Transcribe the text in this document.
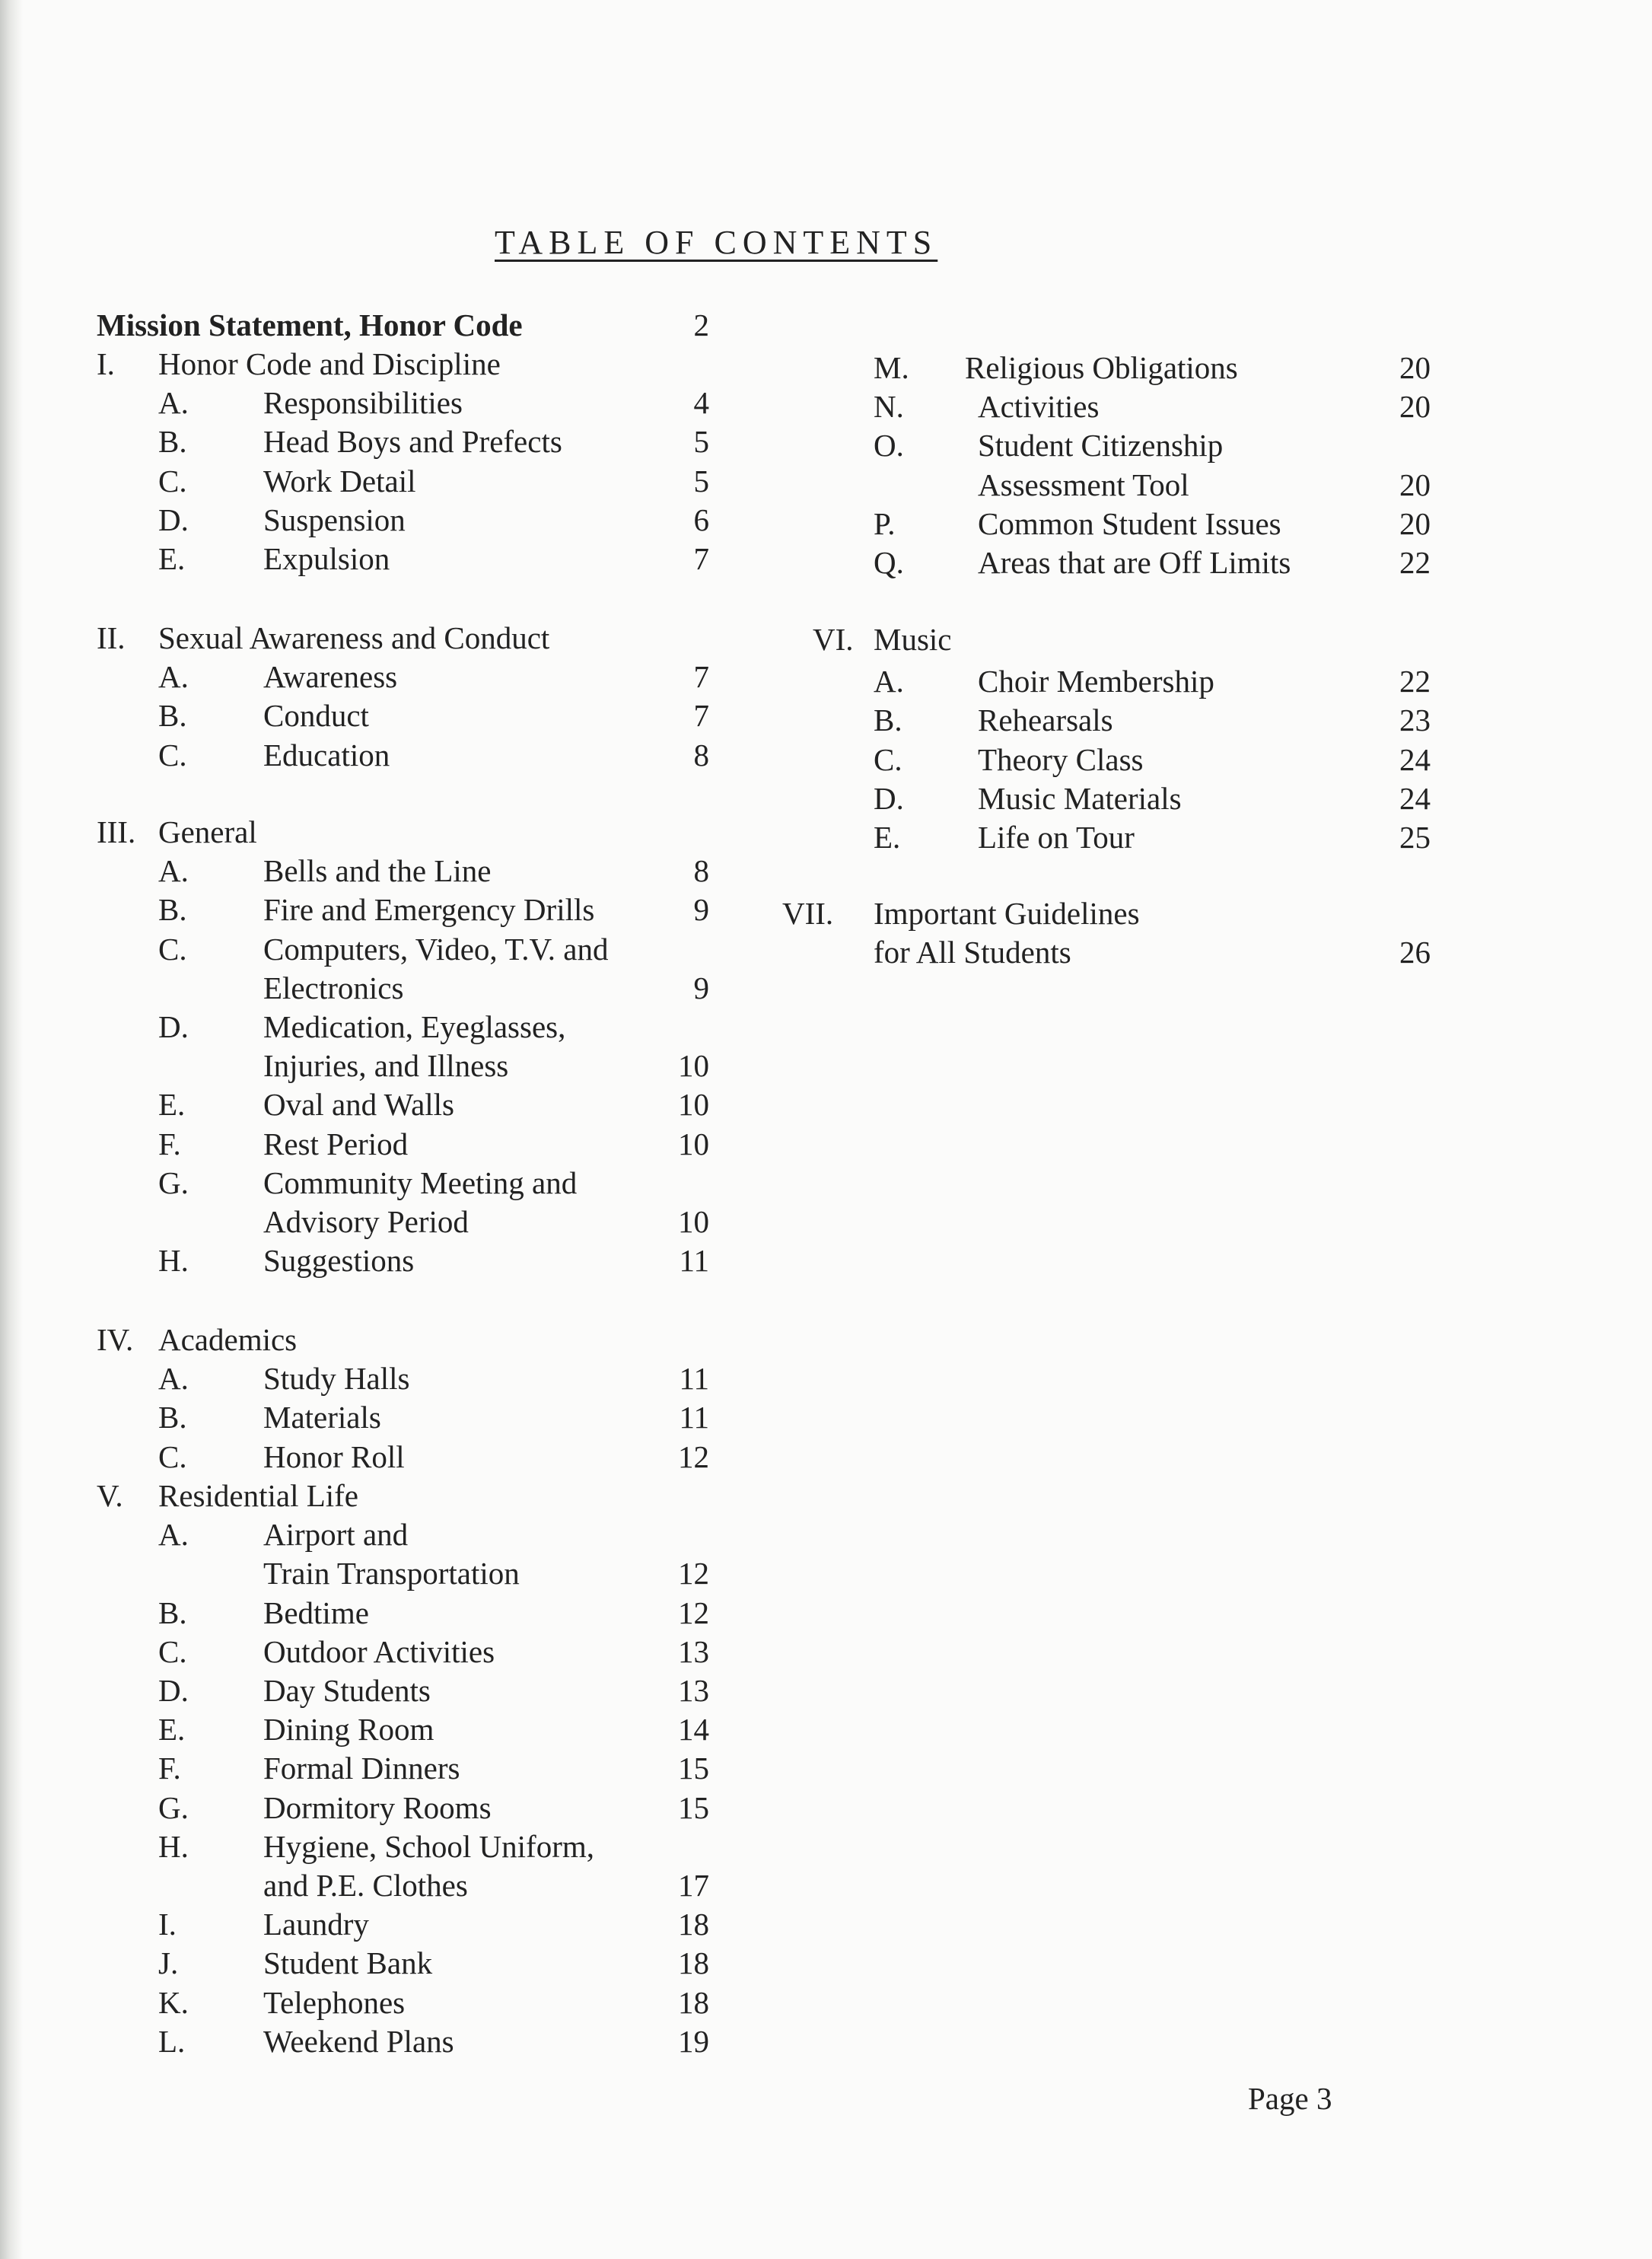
TABLE OF CONTENTS
Mission Statement, Honor Code	2
I. Honor Code and Discipline
A. Responsibilities	4
B. Head Boys and Prefects	5
C. Work Detail	5
D. Suspension	6
E.	Expulsion	7
II. Sexual Awareness and Conduct
A. Awareness	7
B. Conduct	7
C. Education	8
III. General
A. Bells and the Line	8
B. Fire and Emergency Drills	9
C. Computers, Video, T.V. and
Electronics	9
D. Medication, Eyeglasses,
Injuries, and Illness	10
E.	Oval and Walls	10
F.	Rest Period	10
G. Community Meeting and
Advisory Period	10
H. Suggestions	11
IV. Academics
A. Study Halls	11
B. Materials	11
C. Honor Roll	12
V. Residential Life
A. Airport and
Train Transportation	12
B. Bedtime	12
C. Outdoor Activities	13
D. Day Students	13
E.	Dining Room	14
F.	Formal Dinners	15
G. Dormitory Rooms	15
H. Hygiene, School Uniform,
and P.E. Clothes	17
I.	Laundry	18
J.	Student Bank	18
K. Telephones	18
L.	Weekend Plans	19
M. Religious Obligations	20
N. Activities	20
O. Student Citizenship
Assessment Tool	20
P.	Common Student Issues	20
Q. Areas that are Off Limits	22
VI. Music
A. Choir Membership	22
B. Rehearsals	23
C. Theory Class	24
D. Music Materials	24
E. Life on Tour	25
VII. Important Guidelines
for All Students	26
Page 3
